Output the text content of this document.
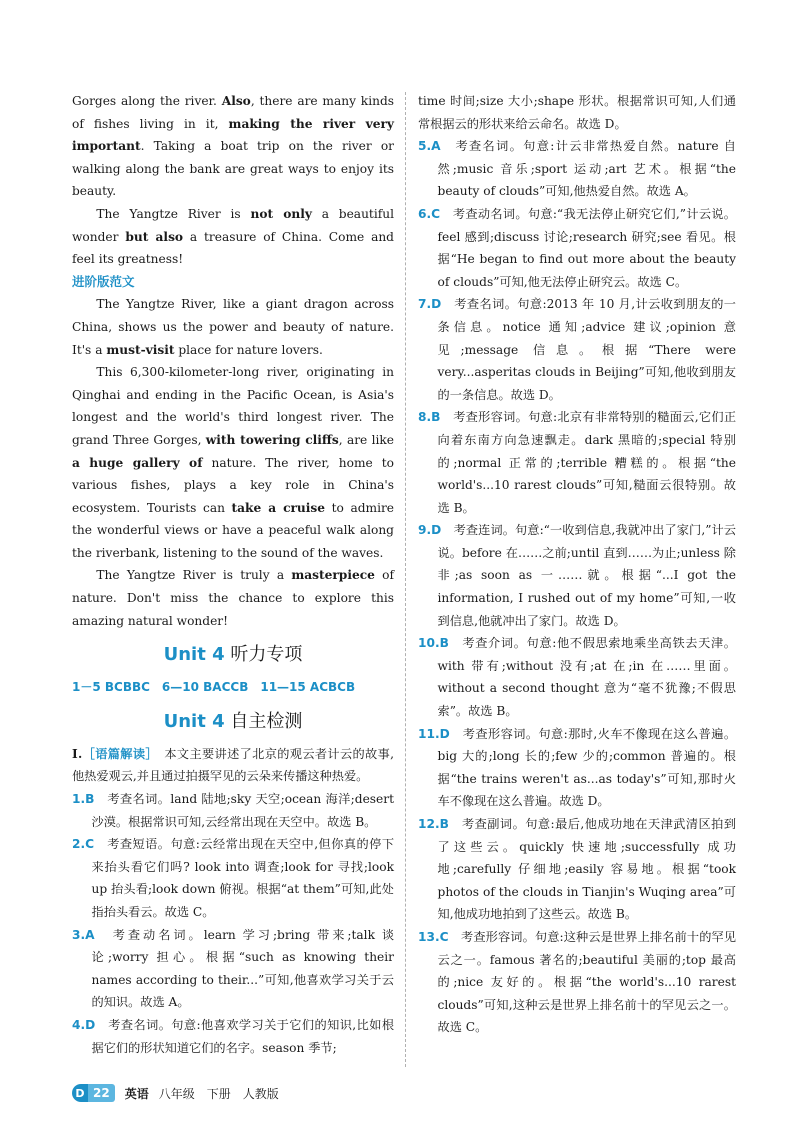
Gorges along the river. Also, there are many kinds of fishes living in it, making the river very important. Taking a boat trip on the river or walking along the bank are great ways to enjoy its beauty.

The Yangtze River is not only a beautiful wonder but also a treasure of China. Come and feel its greatness!

进阶版范文

The Yangtze River, like a giant dragon across China, shows us the power and beauty of nature. It's a must-visit place for nature lovers.

This 6,300-kilometer-long river, originating in Qinghai and ending in the Pacific Ocean, is Asia's longest and the world's third longest river. The grand Three Gorges, with towering cliffs, are like a huge gallery of nature. The river, home to various fishes, plays a key role in China's ecosystem. Tourists can take a cruise to admire the wonderful views or have a peaceful walk along the riverbank, listening to the sound of the waves.

The Yangtze River is truly a masterpiece of nature. Don't miss the chance to explore this amazing natural wonder!

Unit 4 听力专项
1－5 BCBBC　6—10 BACCB　11—15 ACBCB
Unit 4 自主检测

Ⅰ.［语篇解读］　 本文主要讲述了北京的观云者计云的故事,他热爱观云,并且通过拍摄罕见的云朵来传播这种热爱。

1.B　 考查名词。land 陆地;sky 天空;ocean 海洋;desert 沙漠。根据常识可知,云经常出现在天空中。故选 B。

2.C　 考查短语。句意:云经常出现在天空中,但你真的停下来抬头看它们吗? look into 调查;look for 寻找;look up 抬头看;look down 俯视。根据“at them”可知,此处指抬头看云。故选 C。

3.A　 考查动名词。learn 学习;bring 带来;talk 谈论;worry 担心。根据“such as knowing their names according to their...”可知,他喜欢学习关于云的知识。故选 A。

4.D　 考查名词。句意:他喜欢学习关于它们的知识,比如根据它们的形状知道它们的名字。season 季节;

time 时间;size 大小;shape 形状。根据常识可知,人们通常根据云的形状来给云命名。故选 D。

5.A　 考查名词。句意:计云非常热爱自然。nature 自然;music 音乐;sport 运动;art 艺术。根据“the beauty of clouds”可知,他热爱自然。故选 A。

6.C　 考查动名词。句意:“我无法停止研究它们,”计云说。feel 感到;discuss 讨论;research 研究;see 看见。根据“He began to find out more about the beauty of clouds”可知,他无法停止研究云。故选 C。

7.D　 考查名词。句意:2013 年 10 月,计云收到朋友的一条信息。notice 通知;advice 建议;opinion 意见;message 信息。根据“There were very...asperitas clouds in Beijing”可知,他收到朋友的一条信息。故选 D。

8.B　 考查形容词。句意:北京有非常特别的糙面云,它们正向着东南方向急速飘走。dark 黑暗的;special 特别的;normal 正常的;terrible 糟糕的。根据“the world's...10 rarest clouds”可知,糙面云很特别。故选 B。

9.D　 考查连词。句意:“一收到信息,我就冲出了家门,”计云说。before 在……之前;until 直到……为止;unless 除非;as soon as 一……就。根据“...I got the information, I rushed out of my home”可知,一收到信息,他就冲出了家门。故选 D。

10.B　 考查介词。句意:他不假思索地乘坐高铁去天津。with 带有;without 没有;at 在;in 在……里面。without a second thought 意为“毫不犹豫;不假思索”。故选 B。

11.D　 考查形容词。句意:那时,火车不像现在这么普遍。big 大的;long 长的;few 少的;common 普遍的。根据“the trains weren't as...as today's”可知,那时火车不像现在这么普遍。故选 D。

12.B　 考查副词。句意:最后,他成功地在天津武清区拍到了这些云。quickly 快速地;successfully 成功地;carefully 仔细地;easily 容易地。根据“took photos of the clouds in Tianjin's Wuqing area”可知,他成功地拍到了这些云。故选 B。

13.C　 考查形容词。句意:这种云是世界上排名前十的罕见云之一。famous 著名的;beautiful 美丽的;top 最高的;nice 友好的。根据“the world's...10 rarest clouds”可知,这种云是世界上排名前十的罕见云之一。故选 C。

D 22	英语 八年级　下册　人教版
